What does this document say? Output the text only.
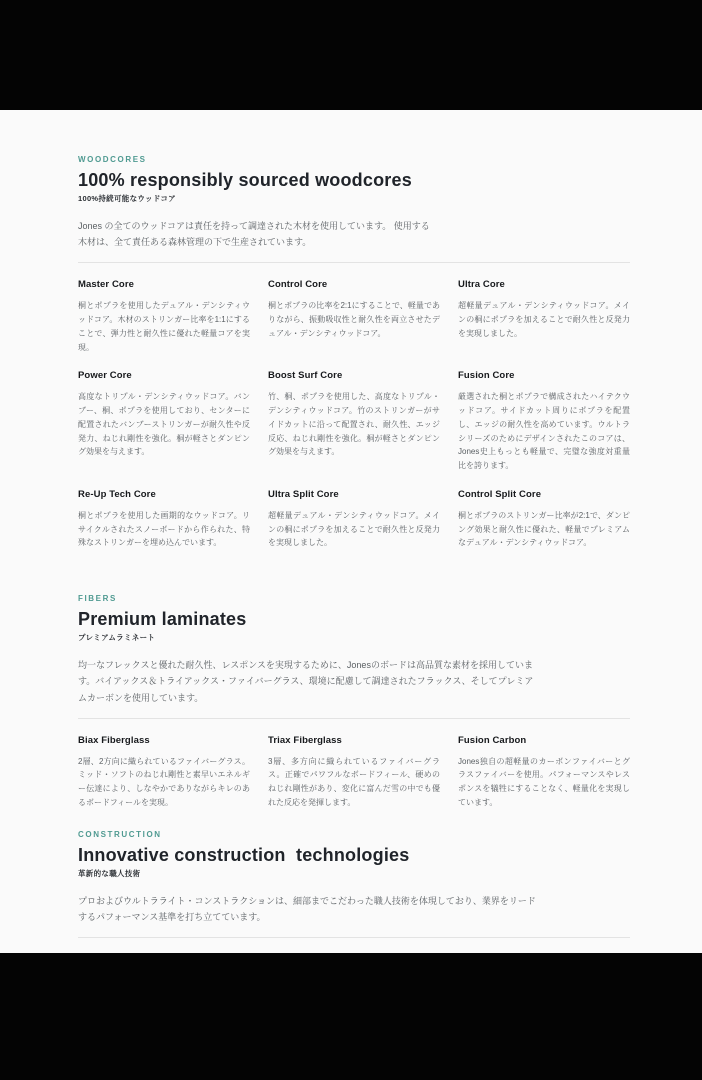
WOODCORES
100% responsibly sourced woodcores
100%持続可能なウッドコア

Jones の全てのウッドコアは責任を持って調達された木材を使用しています。 使用する木材は、全て責任ある森林管理の下で生産されています。

Master Core

桐とポプラを使用したデュアル・デンシティウッドコア。木材のストリンガー比率を1:1にすることで、弾力性と耐久性に優れた軽量コアを実現。

Control Core

桐とポプラの比率を2:1にすることで、軽量でありながら、振動吸収性と耐久性を両立させたデュアル・デンシティウッドコア。

Ultra Core

超軽量デュアル・デンシティウッドコア。メインの桐にポプラを加えることで耐久性と反発力を実現しました。

Power Core

高度なトリプル・デンシティウッドコア。バンブー、桐、ポプラを使用しており、センターに配置されたバンブーストリンガーが耐久性や反発力、ねじれ剛性を強化。桐が軽さとダンピング効果を与えます。

Boost Surf Core

竹、桐、ポプラを使用した、高度なトリプル・デンシティウッドコア。竹のストリンガーがサイドカットに沿って配置され、耐久性、エッジ反応、ねじれ剛性を強化。桐が軽さとダンピング効果を与えます。

Fusion Core

厳選された桐とポプラで構成されたハイテクウッドコア。サイドカット周りにポプラを配置し、エッジの耐久性を高めています。ウルトラシリーズのためにデザインされたこのコアは、Jones史上もっとも軽量で、完璧な強度対重量比を誇ります。

Re-Up Tech Core

桐とポプラを使用した画期的なウッドコア。リサイクルされたスノーボードから作られた、特殊なストリンガーを埋め込んでいます。

Ultra Split Core

超軽量デュアル・デンシティウッドコア。メインの桐にポプラを加えることで耐久性と反発力を実現しました。

Control Split Core

桐とポプラのストリンガー比率が2:1で、ダンピング効果と耐久性に優れた、軽量でプレミアムなデュアル・デンシティウッドコア。

FIBERS
Premium laminates
プレミアムラミネート

均一なフレックスと優れた耐久性、レスポンスを実現するために、Jonesのボードは高品質な素材を採用しています。バイアックス＆トライアックス・ファイバーグラス、環境に配慮して調達されたフラックス、そしてプレミアムカーボンを使用しています。

Biax Fiberglass

2層、2方向に織られているファイバーグラス。ミッド・ソフトのねじれ剛性と素早いエネルギー伝達により、しなやかでありながらキレのあるボードフィールを実現。

Triax Fiberglass

3層、多方向に織られているファイバーグラス。正確でパワフルなボードフィール、硬めのねじれ剛性があり、変化に富んだ雪の中でも優れた反応を発揮します。

Fusion Carbon

Jones独自の超軽量のカーボンファイバーとグラスファイバーを使用。パフォーマンスやレスポンスを犠牲にすることなく、軽量化を実現しています。

CONSTRUCTION
Innovative construction  technologies
革新的な職人技術

プロおよびウルトラライト・コンストラクションは、細部までこだわった職人技術を体現しており、業界をリードするパフォーマンス基準を打ち立てています。
